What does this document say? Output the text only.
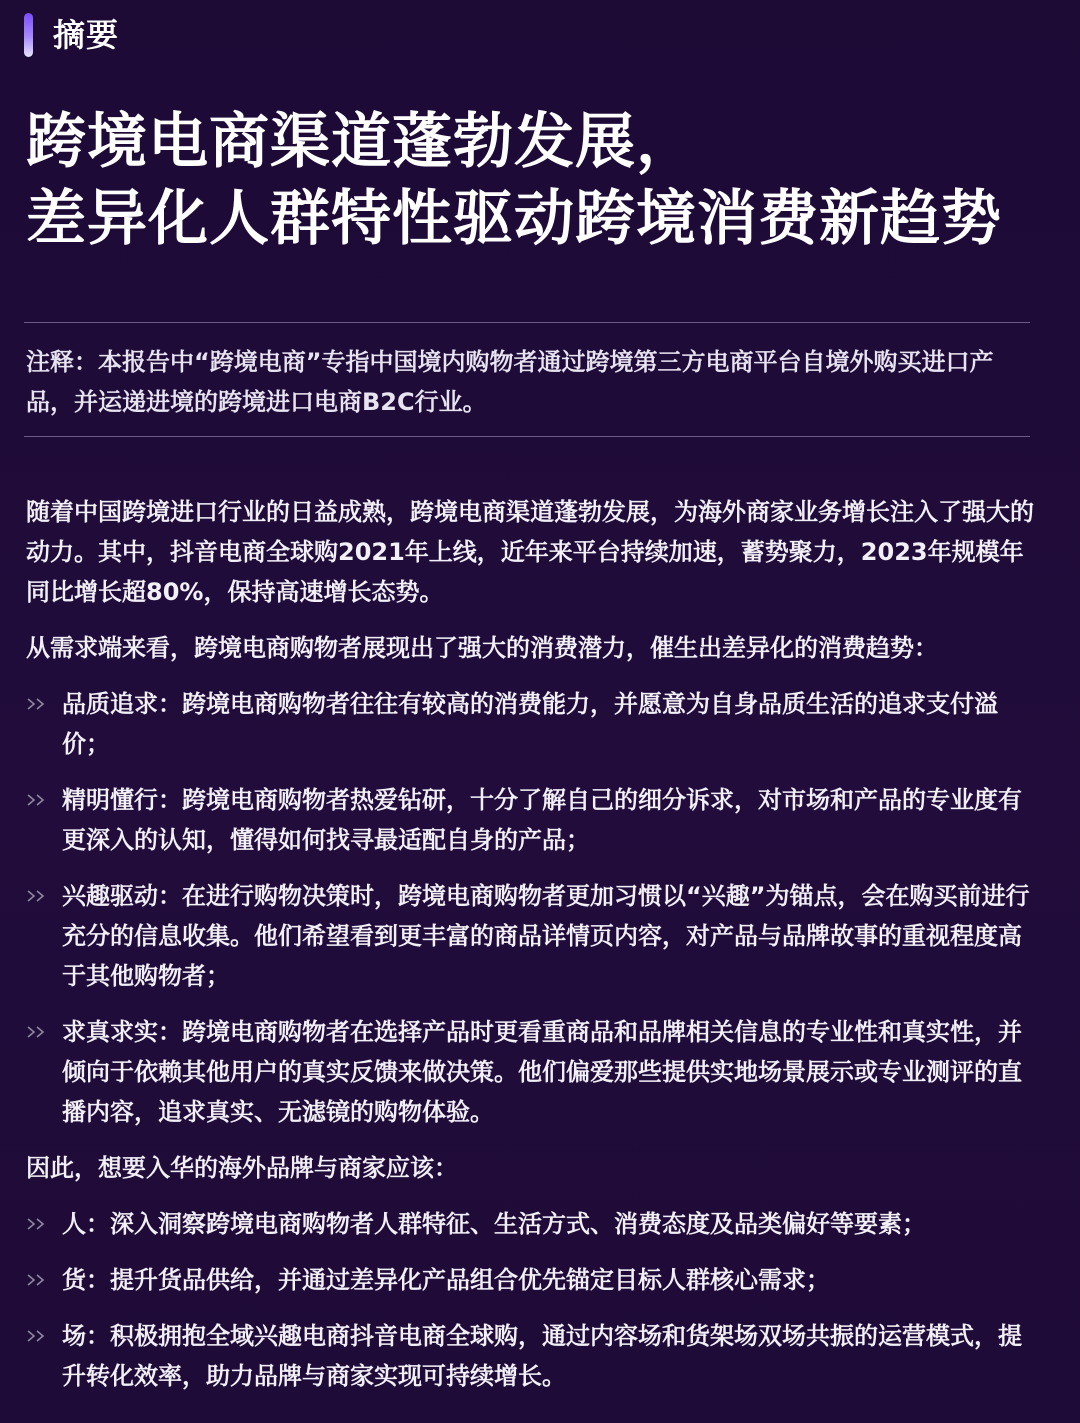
摘要
跨境电商渠道蓬勃发展，
差异化人群特性驱动跨境消费新趋势

注释：本报告中“跨境电商”专指中国境内购物者通过跨境第三方电商平台自境外购买进口产品，并运递进境的跨境进口电商B2C行业。

随着中国跨境进口行业的日益成熟，跨境电商渠道蓬勃发展，为海外商家业务增长注入了强大的动力。其中，抖音电商全球购2021年上线，近年来平台持续加速，蓄势聚力，2023年规模年同比增长超80%，保持高速增长态势。

从需求端来看，跨境电商购物者展现出了强大的消费潜力，催生出差异化的消费趋势：

品质追求：跨境电商购物者往往有较高的消费能力，并愿意为自身品质生活的追求支付溢价；

精明懂行：跨境电商购物者热爱钻研，十分了解自己的细分诉求，对市场和产品的专业度有更深入的认知，懂得如何找寻最适配自身的产品；

兴趣驱动：在进行购物决策时，跨境电商购物者更加习惯以“兴趣”为锚点，会在购买前进行充分的信息收集。他们希望看到更丰富的商品详情页内容，对产品与品牌故事的重视程度高于其他购物者；

求真求实：跨境电商购物者在选择产品时更看重商品和品牌相关信息的专业性和真实性，并倾向于依赖其他用户的真实反馈来做决策。他们偏爱那些提供实地场景展示或专业测评的直播内容，追求真实、无滤镜的购物体验。

因此，想要入华的海外品牌与商家应该：

人：深入洞察跨境电商购物者人群特征、生活方式、消费态度及品类偏好等要素；

货：提升货品供给，并通过差异化产品组合优先锚定目标人群核心需求；

场：积极拥抱全域兴趣电商抖音电商全球购，通过内容场和货架场双场共振的运营模式，提升转化效率，助力品牌与商家实现可持续增长。
